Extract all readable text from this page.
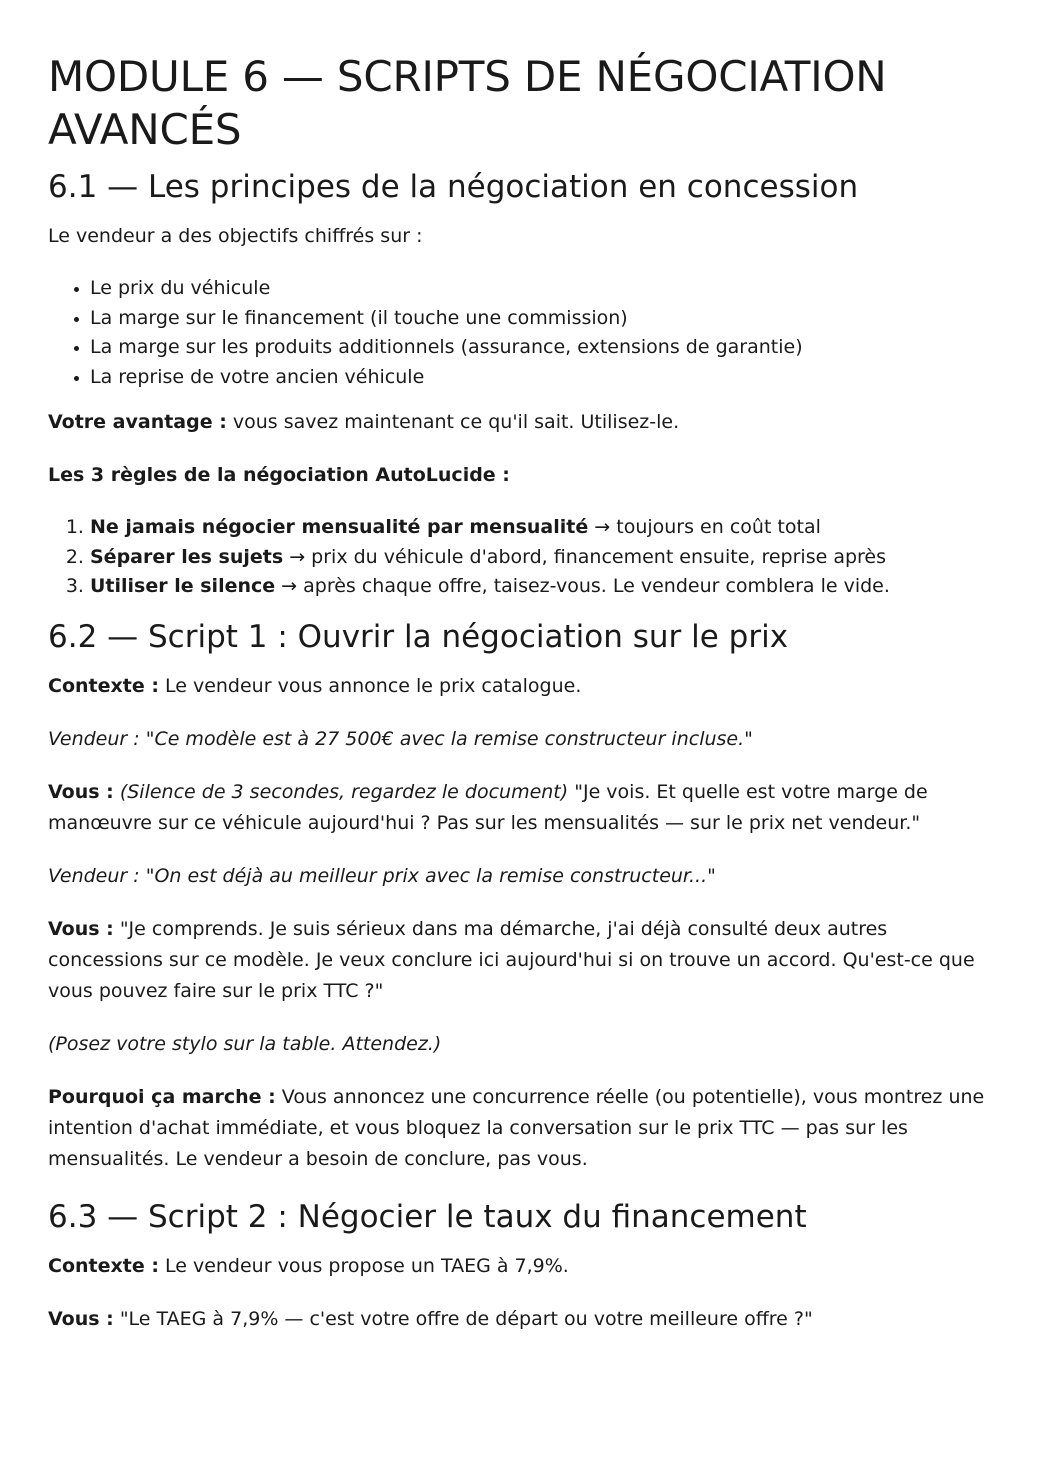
MODULE 6 — SCRIPTS DE NÉGOCIATION AVANCÉS
6.1 — Les principes de la négociation en concession

Le vendeur a des objectifs chiffrés sur :

• Le prix du véhicule
• La marge sur le financement (il touche une commission)
• La marge sur les produits additionnels (assurance, extensions de garantie)
• La reprise de votre ancien véhicule

Votre avantage : vous savez maintenant ce qu'il sait. Utilisez-le.

Les 3 règles de la négociation AutoLucide :

1. Ne jamais négocier mensualité par mensualité → toujours en coût total
2. Séparer les sujets → prix du véhicule d'abord, financement ensuite, reprise après
3. Utiliser le silence → après chaque offre, taisez-vous. Le vendeur comblera le vide.
6.2 — Script 1 : Ouvrir la négociation sur le prix

Contexte : Le vendeur vous annonce le prix catalogue.

Vendeur : "Ce modèle est à 27 500€ avec la remise constructeur incluse."

Vous : (Silence de 3 secondes, regardez le document) "Je vois. Et quelle est votre marge de manœuvre sur ce véhicule aujourd'hui ? Pas sur les mensualités — sur le prix net vendeur."

Vendeur : "On est déjà au meilleur prix avec la remise constructeur..."

Vous : "Je comprends. Je suis sérieux dans ma démarche, j'ai déjà consulté deux autres concessions sur ce modèle. Je veux conclure ici aujourd'hui si on trouve un accord. Qu'est-ce que vous pouvez faire sur le prix TTC ?"

(Posez votre stylo sur la table. Attendez.)

Pourquoi ça marche : Vous annoncez une concurrence réelle (ou potentielle), vous montrez une intention d'achat immédiate, et vous bloquez la conversation sur le prix TTC — pas sur les mensualités. Le vendeur a besoin de conclure, pas vous.

6.3 — Script 2 : Négocier le taux du financement

Contexte : Le vendeur vous propose un TAEG à 7,9%.

Vous : "Le TAEG à 7,9% — c'est votre offre de départ ou votre meilleure offre ?"
